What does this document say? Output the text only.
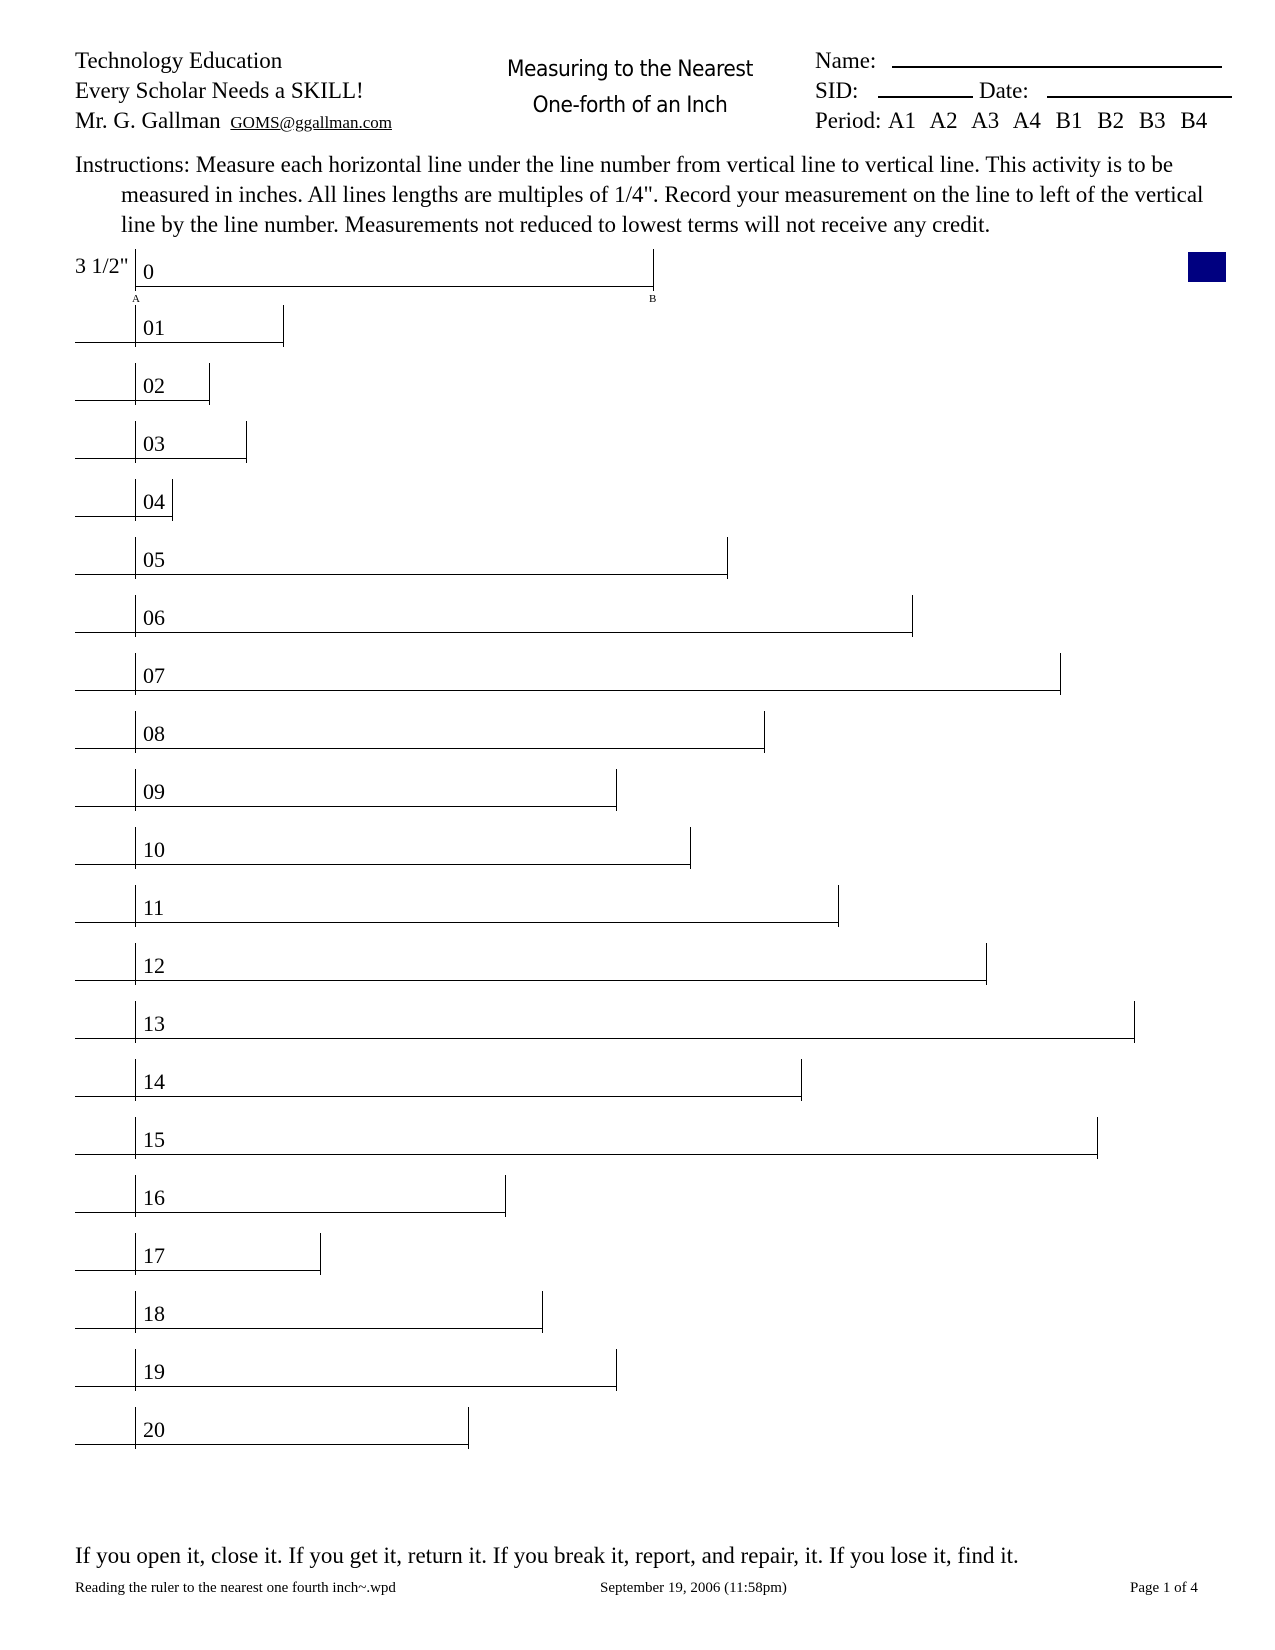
Technology Education
Every Scholar Needs a SKILL!
Mr. G. Gallman GOMS@ggallman.com
Measuring to the Nearest
One-forth of an Inch
Name:
SID:	Date:
Period: A1 A2 A3 A4 B1 B2 B3 B4
Instructions: Measure each horizontal line under the line number from vertical line to vertical line. This activity is to be measured in inches. All lines lengths are multiples of 1/4". Record your measurement on the line to left of the vertical line by the line number. Measurements not reduced to lowest terms will not receive any credit.
3 1/2" 0
A	B
01
02
03
04
05
06
07
08
09
10
11
12
13
14
15
16
17
18
19
20
If you open it, close it. If you get it, return it. If you break it, report, and repair, it. If you lose it, find it.
Reading the ruler to the nearest one fourth inch~.wpd	September 19, 2006 (11:58pm)	Page 1 of 4
